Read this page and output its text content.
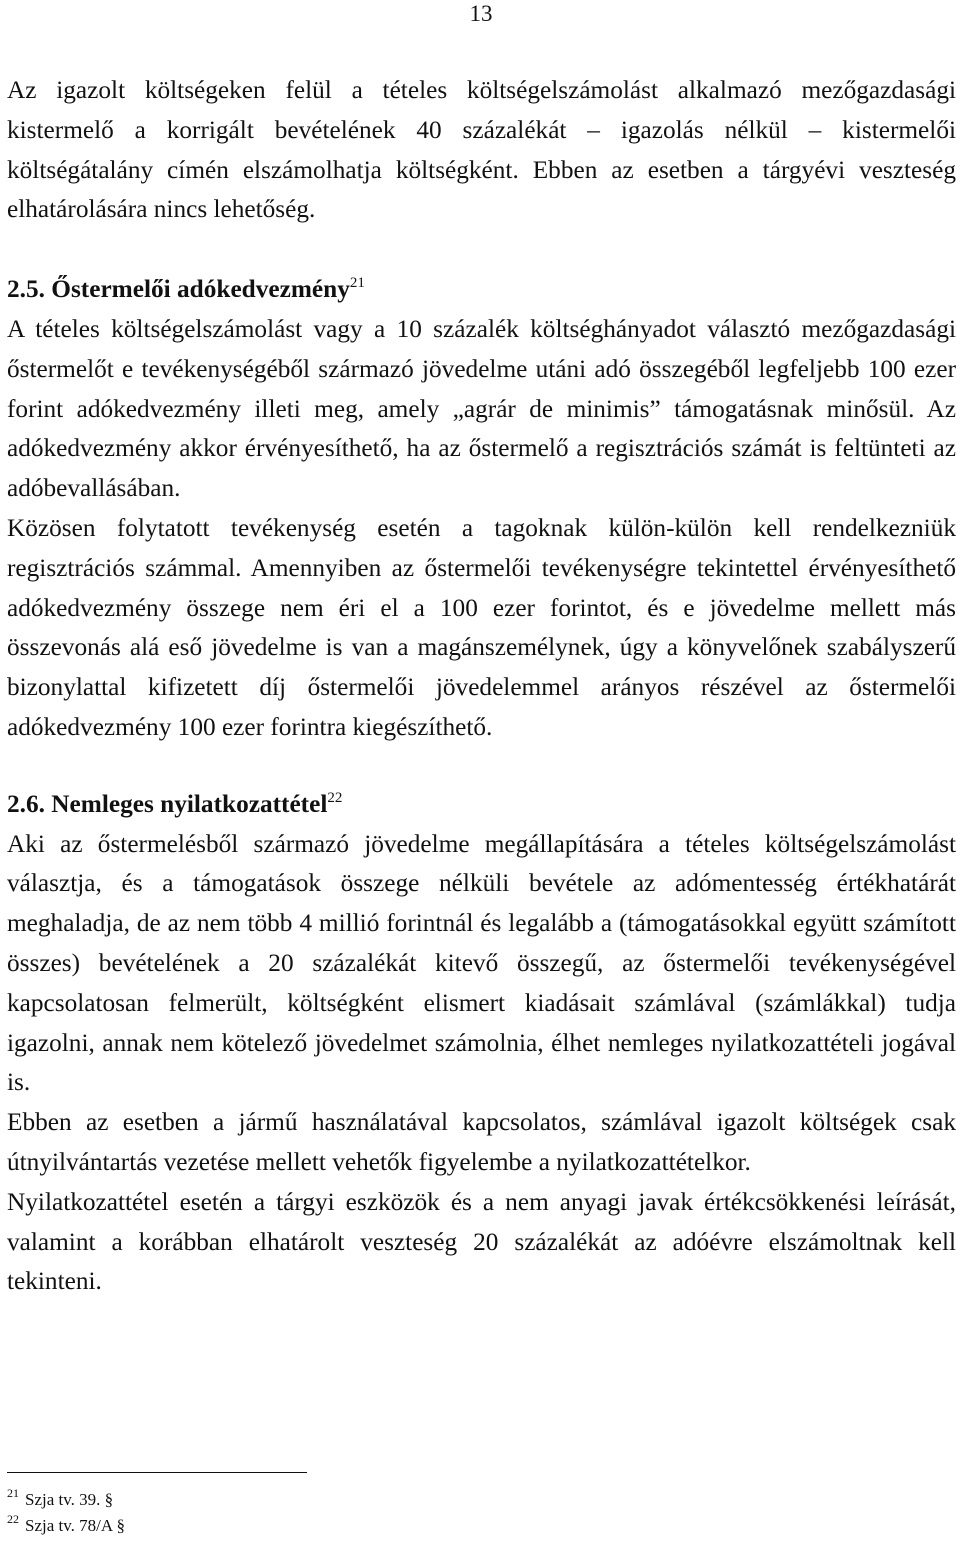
13

Az igazolt költségeken felül a tételes költségelszámolást alkalmazó mezőgazdasági kistermelő a korrigált bevételének 40 százalékát – igazolás nélkül – kistermelői költségátalány címén elszámolhatja költségként. Ebben az esetben a tárgyévi veszteség elhatárolására nincs lehetőség.

2.5. Őstermelői adókedvezmény$^{21}$

A tételes költségelszámolást vagy a 10 százalék költséghányadot választó mezőgazdasági őstermelőt e tevékenységéből származó jövedelme utáni adó összegéből legfeljebb 100 ezer forint adókedvezmény illeti meg, amely „agrár de minimis” támogatásnak minősül. Az adókedvezmény akkor érvényesíthető, ha az őstermelő a regisztrációs számát is feltünteti az adóbevallásában.

Közösen folytatott tevékenység esetén a tagoknak külön-külön kell rendelkezniük regisztrációs számmal. Amennyiben az őstermelői tevékenységre tekintettel érvényesíthető adókedvezmény összege nem éri el a 100 ezer forintot, és e jövedelme mellett más összevonás alá eső jövedelme is van a magánszemélynek, úgy a könyvelőnek szabályszerű bizonylattal kifizetett díj őstermelői jövedelemmel arányos részével az őstermelői adókedvezmény 100 ezer forintra kiegészíthető.

2.6. Nemleges nyilatkozattétel$^{22}$

Aki az őstermelésből származó jövedelme megállapítására a tételes költségelszámolást választja, és a támogatások összege nélküli bevétele az adómentesség értékhatárát meghaladja, de az nem több 4 millió forintnál és legalább a (támogatásokkal együtt számított összes) bevételének a 20 százalékát kitevő összegű, az őstermelői tevékenységével kapcsolatosan felmerült, költségként elismert kiadásait számlával (számlákkal) tudja igazolni, annak nem kötelező jövedelmet számolnia, élhet nemleges nyilatkozattételi jogával is.

Ebben az esetben a jármű használatával kapcsolatos, számlával igazolt költségek csak útnyilvántartás vezetése mellett vehetők figyelembe a nyilatkozattételkor.

Nyilatkozattétel esetén a tárgyi eszközök és a nem anyagi javak értékcsökkenési leírását, valamint a korábban elhatárolt veszteség 20 százalékát az adóévre elszámoltnak kell tekinteni.

$^{21}$ Szja tv. 39. §
$^{22}$ Szja tv. 78/A §
